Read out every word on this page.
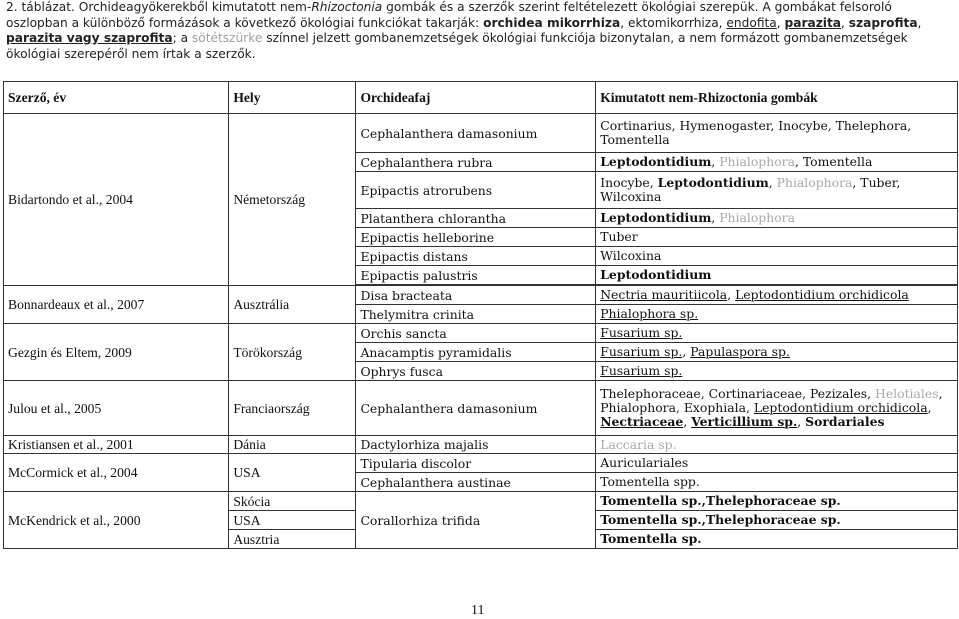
2. táblázat. Orchideagyökerekből kimutatott nem-Rhizoctonia gombák és a szerzők szerint feltételezett ökológiai szerepük. A gombákat felsoroló
oszlopban a különböző formázások a következő ökológiai funkciókat takarják: orchidea mikorrhiza, ektomikorrhiza, endofita, parazita, szaprofita,
parazita vagy szaprofita; a sötétszürke színnel jelzett gombanemzetségek ökológiai funkciója bizonytalan, a nem formázott gombanemzetségek
ökológiai szerepéről nem írtak a szerzők.
Szerző, év	Hely	Orchideafaj	Kimutatott nem-Rhizoctonia gombák
Bidartondo et al., 2004	Németország	Cephalanthera damasonium	Cortinarius, Hymenogaster, Inocybe, Thelephora,
Tomentella
		Cephalanthera rubra	Leptodontidium, Phialophora, Tomentella
		Epipactis atrorubens	Inocybe, Leptodontidium, Phialophora, Tuber,
Wilcoxina
		Platanthera chlorantha	Leptodontidium, Phialophora
		Epipactis helleborine	Tuber
		Epipactis distans	Wilcoxina
		Epipactis palustris	Leptodontidium

Bonnardeaux et al., 2007	Ausztrália	Disa bracteata	Nectria mauritiicola, Leptodontidium orchidicola
		Thelymitra crinita	Phialophora sp.
Gezgin és Eltem, 2009	Törökország	Orchis sancta	Fusarium sp.
		Anacamptis pyramidalis	Fusarium sp., Papulaspora sp.
		Ophrys fusca	Fusarium sp.
Julou et al., 2005	Franciaország	Cephalanthera damasonium	Thelephoraceae, Cortinariaceae, Pezizales, Helotiales,
Phialophora, Exophiala, Leptodontidium orchidicola,
Nectriaceae, Verticillium sp., Sordariales
Kristiansen et al., 2001	Dánia	Dactylorhiza majalis	Laccaria sp.
McCormick et al., 2004	USA	Tipularia discolor	Auriculariales
		Cephalanthera austinae	Tomentella spp.
McKendrick et al., 2000	Skócia	Corallorhiza trifida	Tomentella sp.,Thelephoraceae sp.
	USA		Tomentella sp.,Thelephoraceae sp.
	Ausztria		Tomentella sp.
11
